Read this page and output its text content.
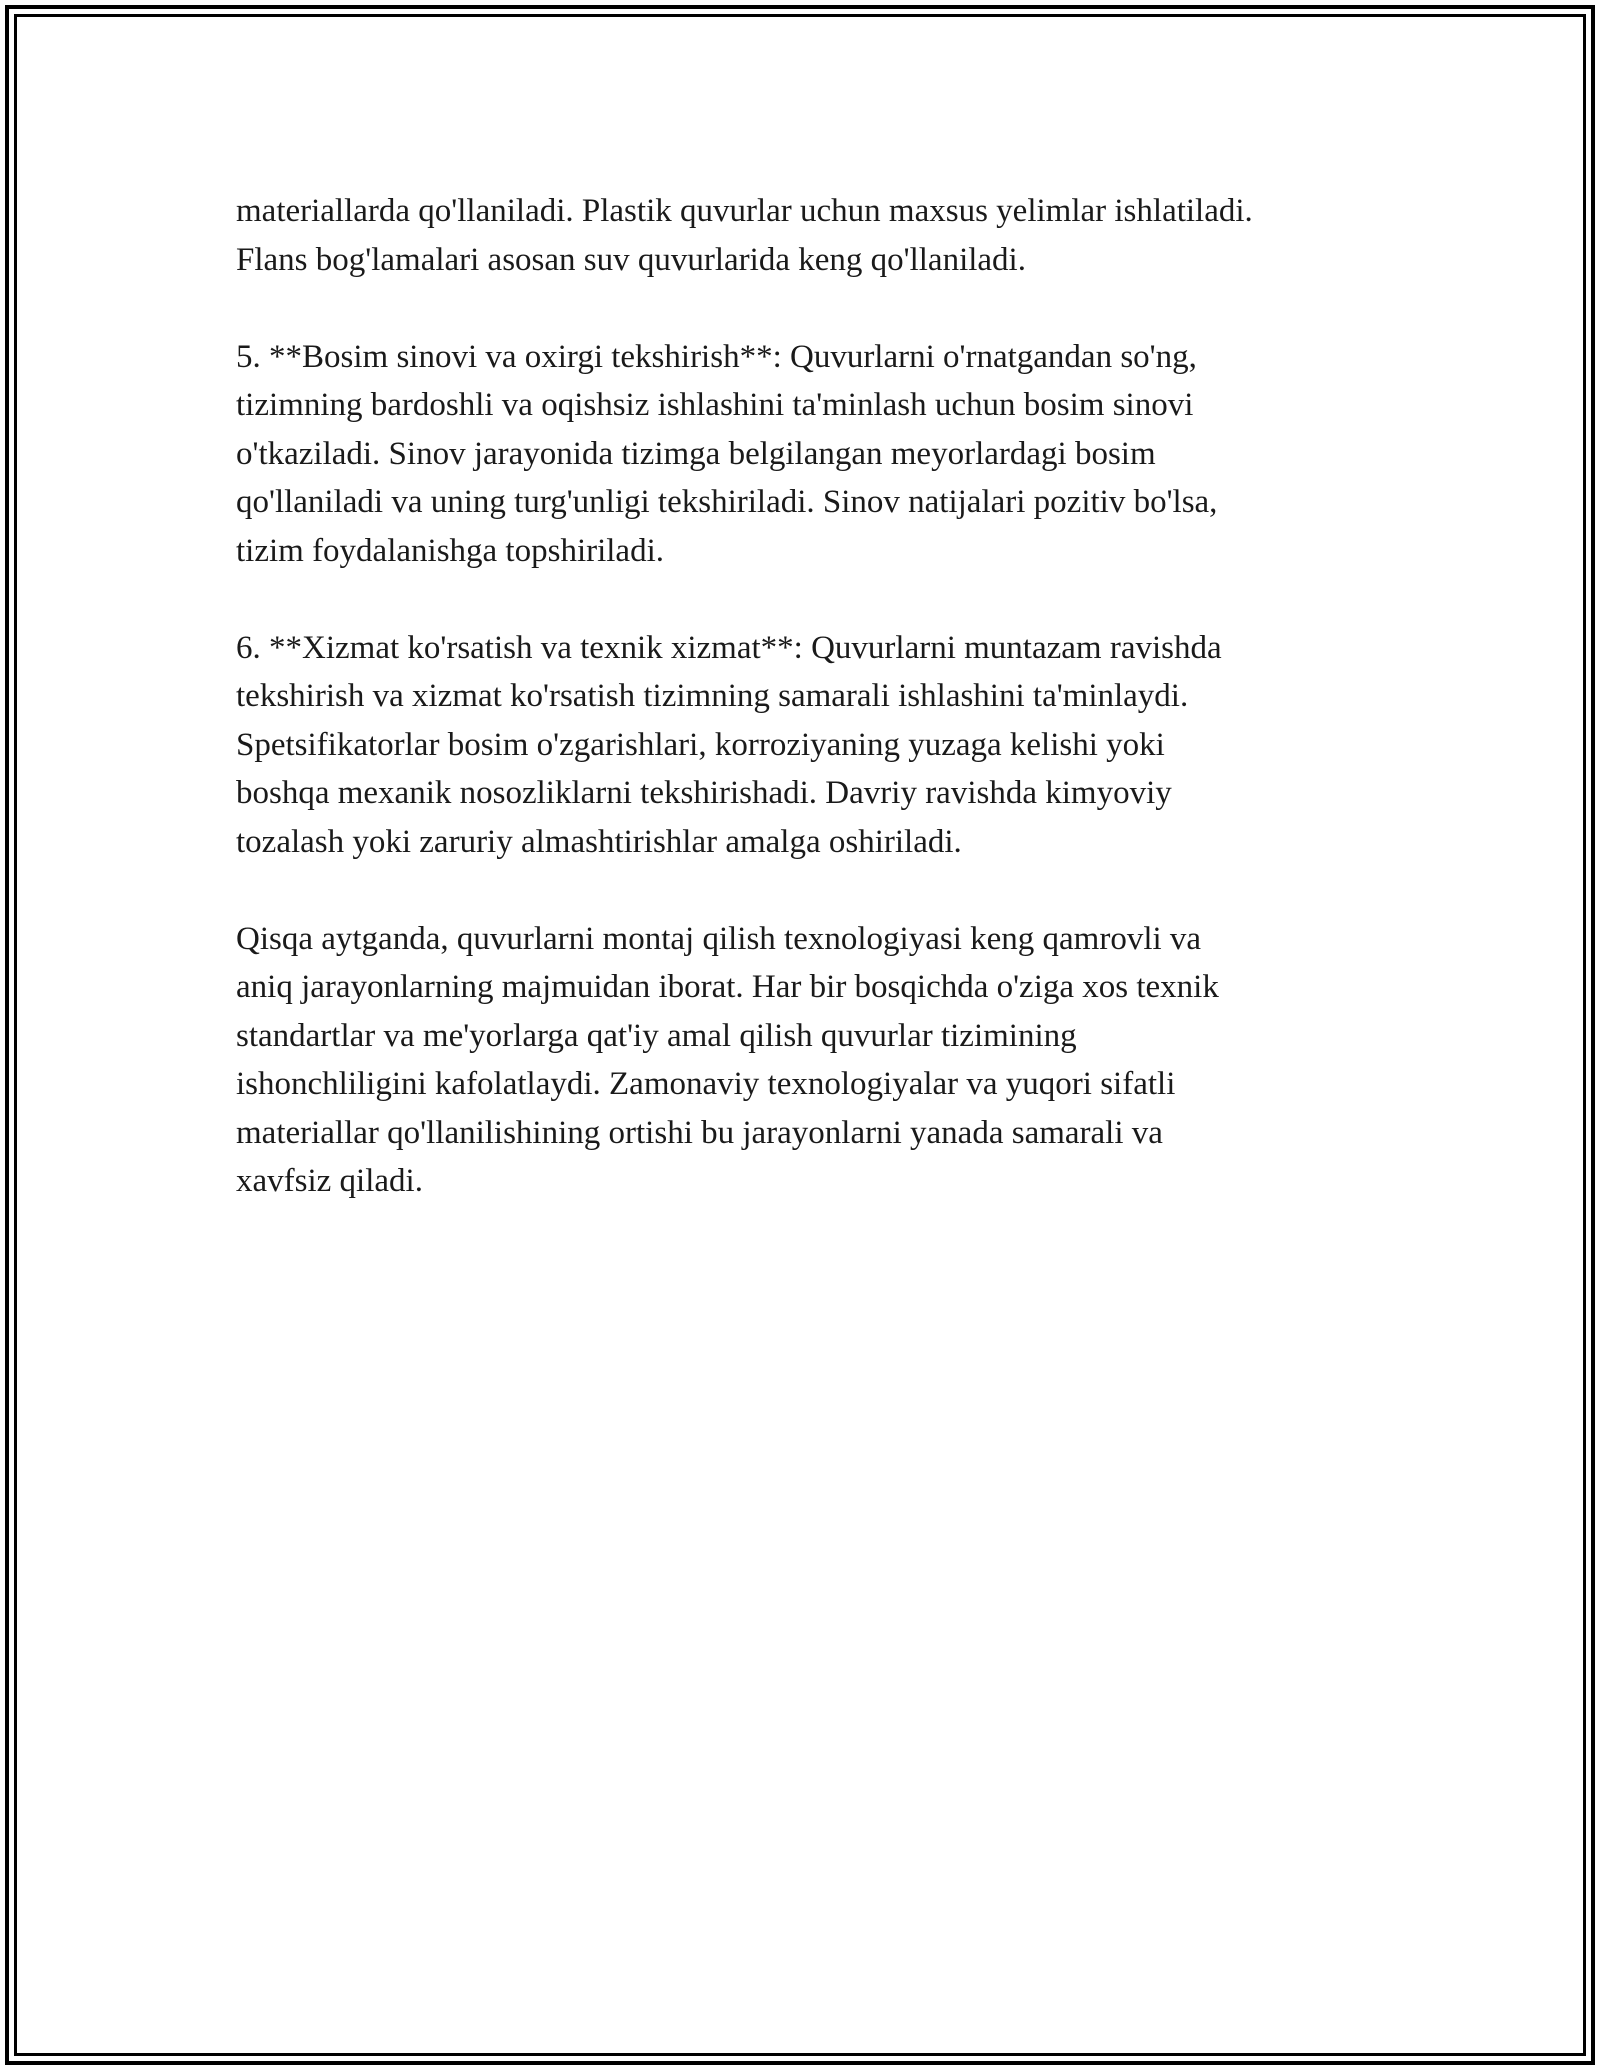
materiallarda qo'llaniladi. Plastik quvurlar uchun maxsus yelimlar ishlatiladi.
Flans bog'lamalari asosan suv quvurlarida keng qo'llaniladi.

5. **Bosim sinovi va oxirgi tekshirish**: Quvurlarni o'rnatgandan so'ng,
tizimning bardoshli va oqishsiz ishlashini ta'minlash uchun bosim sinovi
o'tkaziladi. Sinov jarayonida tizimga belgilangan meyorlardagi bosim
qo'llaniladi va uning turg'unligi tekshiriladi. Sinov natijalari pozitiv bo'lsa,
tizim foydalanishga topshiriladi.

6. **Xizmat ko'rsatish va texnik xizmat**: Quvurlarni muntazam ravishda
tekshirish va xizmat ko'rsatish tizimning samarali ishlashini ta'minlaydi.
Spetsifikatorlar bosim o'zgarishlari, korroziyaning yuzaga kelishi yoki
boshqa mexanik nosozliklarni tekshirishadi. Davriy ravishda kimyoviy
tozalash yoki zaruriy almashtirishlar amalga oshiriladi.

Qisqa aytganda, quvurlarni montaj qilish texnologiyasi keng qamrovli va
aniq jarayonlarning majmuidan iborat. Har bir bosqichda o'ziga xos texnik
standartlar va me'yorlarga qat'iy amal qilish quvurlar tizimining
ishonchliligini kafolatlaydi. Zamonaviy texnologiyalar va yuqori sifatli
materiallar qo'llanilishining ortishi bu jarayonlarni yanada samarali va
xavfsiz qiladi.
